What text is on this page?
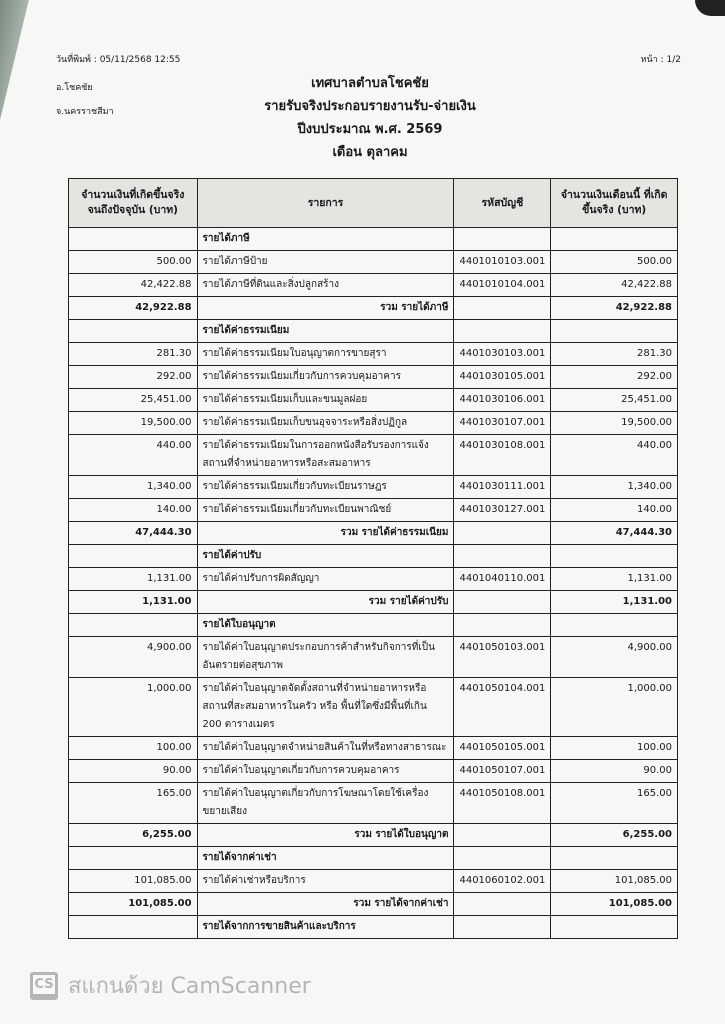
วันที่พิมพ์ : 05/11/2568 12:55	หน้า : 1/2
อ.โชคชัย
จ.นครราชสีมา
เทศบาลตำบลโชคชัย
รายรับจริงประกอบรายงานรับ-จ่ายเงิน
ปีงบประมาณ พ.ศ. 2569
เดือน ตุลาคม
จำนวนเงินที่เกิดขึ้นจริง จนถึงปัจจุบัน (บาท)	รายการ	รหัสบัญชี	จำนวนเงินเดือนนี้ ที่เกิดขึ้นจริง (บาท)
	รายได้ภาษี		
500.00	รายได้ภาษีป้าย	4401010103.001	500.00
42,422.88	รายได้ภาษีที่ดินและสิ่งปลูกสร้าง	4401010104.001	42,422.88
42,922.88	รวม รายได้ภาษี		42,922.88
	รายได้ค่าธรรมเนียม		
281.30	รายได้ค่าธรรมเนียมใบอนุญาตการขายสุรา	4401030103.001	281.30
292.00	รายได้ค่าธรรมเนียมเกี่ยวกับการควบคุมอาคาร	4401030105.001	292.00
25,451.00	รายได้ค่าธรรมเนียมเก็บและขนมูลฝอย	4401030106.001	25,451.00
19,500.00	รายได้ค่าธรรมเนียมเก็บขนอุจจาระหรือสิ่งปฏิกูล	4401030107.001	19,500.00
440.00	รายได้ค่าธรรมเนียมในการออกหนังสือรับรองการแจ้งสถานที่จำหน่ายอาหารหรือสะสมอาหาร	4401030108.001	440.00
1,340.00	รายได้ค่าธรรมเนียมเกี่ยวกับทะเบียนราษฎร	4401030111.001	1,340.00
140.00	รายได้ค่าธรรมเนียมเกี่ยวกับทะเบียนพาณิชย์	4401030127.001	140.00
47,444.30	รวม รายได้ค่าธรรมเนียม		47,444.30
	รายได้ค่าปรับ		
1,131.00	รายได้ค่าปรับการผิดสัญญา	4401040110.001	1,131.00
1,131.00	รวม รายได้ค่าปรับ		1,131.00
	รายได้ใบอนุญาต		
4,900.00	รายได้ค่าใบอนุญาตประกอบการค้าสำหรับกิจการที่เป็นอันตรายต่อสุขภาพ	4401050103.001	4,900.00
1,000.00	รายได้ค่าใบอนุญาตจัดตั้งสถานที่จำหน่ายอาหารหรือสถานที่สะสมอาหารในครัว หรือ พื้นที่ใดซึ่งมีพื้นที่เกิน 200 ตารางเมตร	4401050104.001	1,000.00
100.00	รายได้ค่าใบอนุญาตจำหน่ายสินค้าในที่หรือทางสาธารณะ	4401050105.001	100.00
90.00	รายได้ค่าใบอนุญาตเกี่ยวกับการควบคุมอาคาร	4401050107.001	90.00
165.00	รายได้ค่าใบอนุญาตเกี่ยวกับการโฆษณาโดยใช้เครื่องขยายเสียง	4401050108.001	165.00
6,255.00	รวม รายได้ใบอนุญาต		6,255.00
	รายได้จากค่าเช่า		
101,085.00	รายได้ค่าเช่าหรือบริการ	4401060102.001	101,085.00
101,085.00	รวม รายได้จากค่าเช่า		101,085.00
	รายได้จากการขายสินค้าและบริการ		
CS สแกนด้วย CamScanner
